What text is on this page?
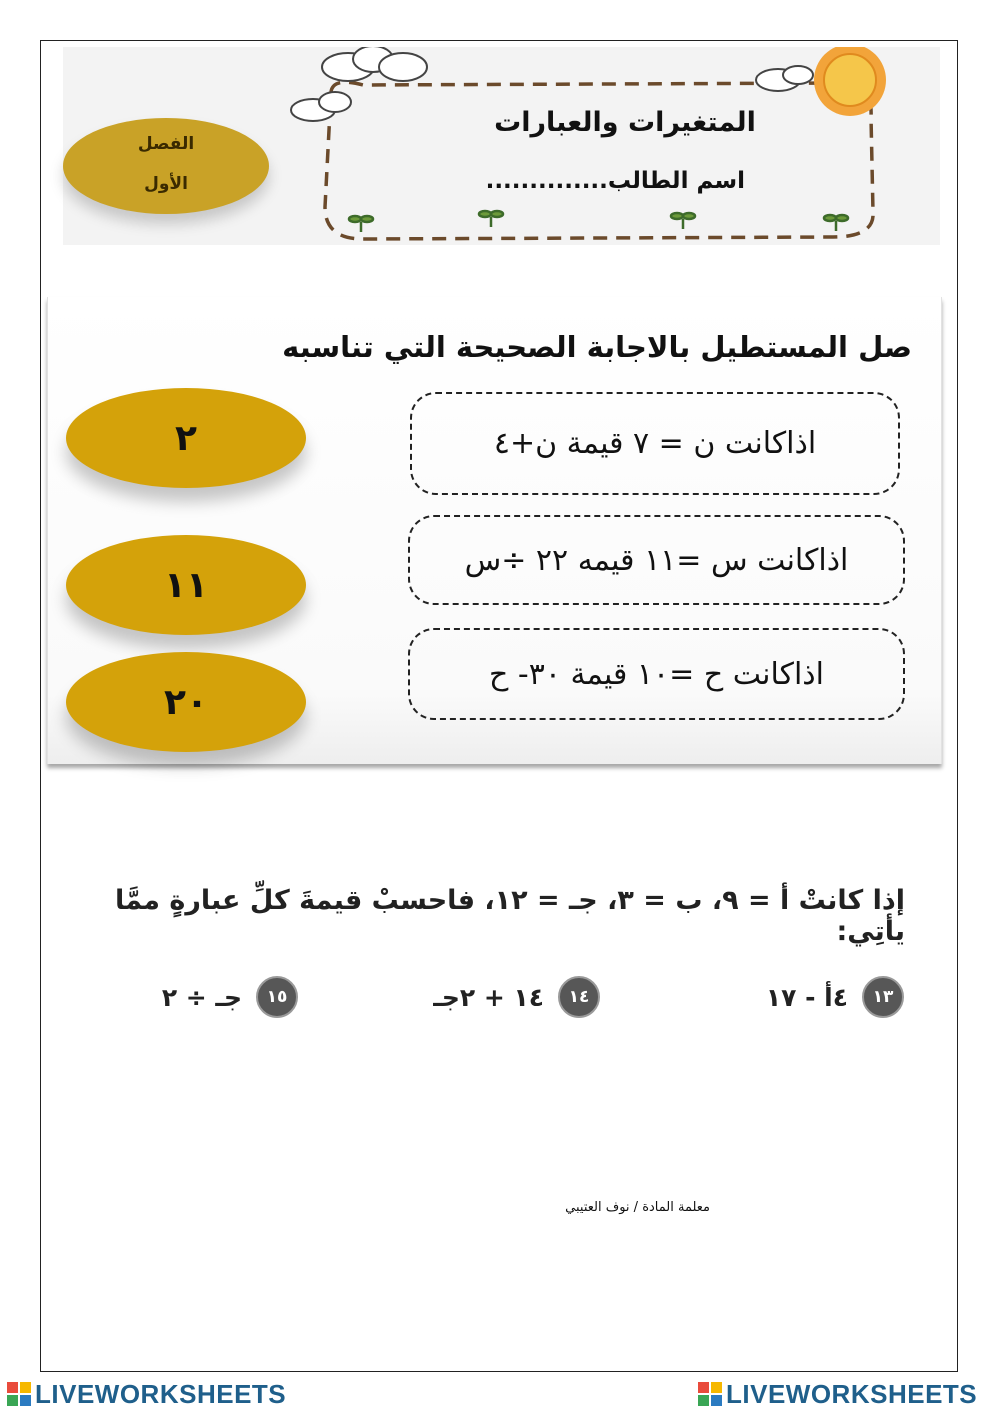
المتغيرات والعبارات
اسم الطالب..............
الفصل
الأول
صل المستطيل بالاجابة الصحيحة التي تناسبه
اذاكانت ن = ٧ قيمة ن+٤
اذاكانت س =١١ قيمه ٢٢ ÷س
اذاكانت ح =١٠ قيمة ٣٠- ح
٢
١١
٢٠
إذا كانتْ أ = ٩، ب = ٣، جـ = ١٢، فاحسبْ قيمةَ كلِّ عبارةٍ ممَّا يأتِي:
١٣
٤أ - ١٧
١٤
١٤ + ٢جـ
١٥
جـ ÷ ٢
معلمة المادة / نوف العتيبي
LIVEWORKSHEETS	LIVEWORKSHEETS
